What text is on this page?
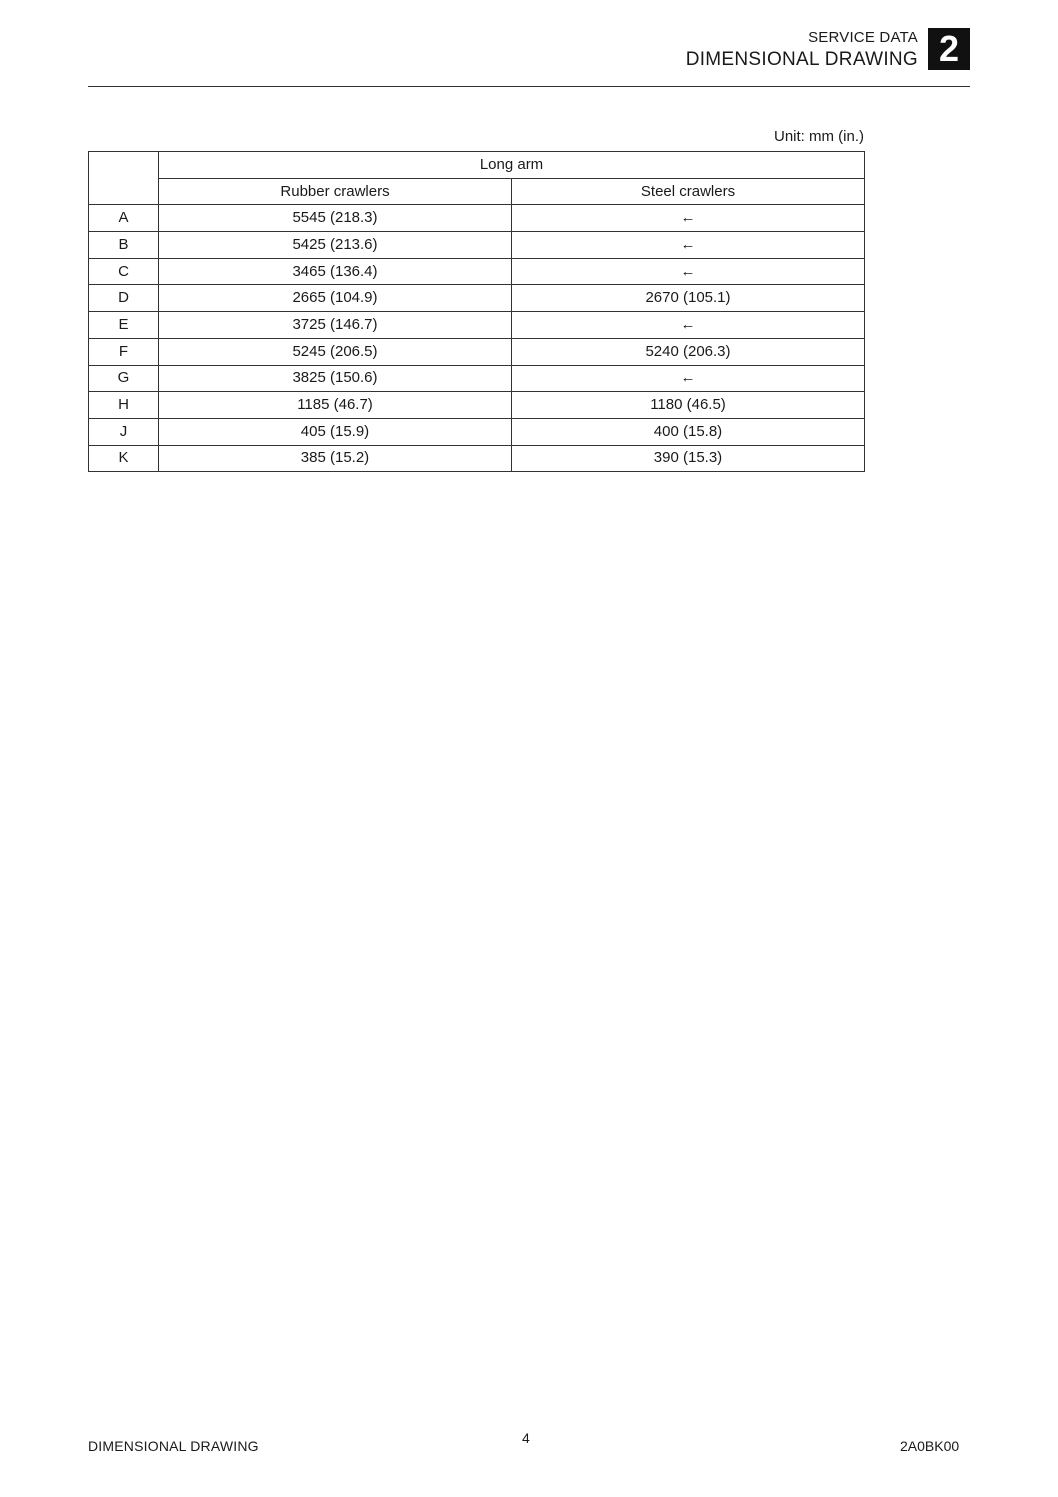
SERVICE DATA
DIMENSIONAL DRAWING 2
Unit: mm (in.)
	Long arm	
	Rubber crawlers	Steel crawlers
A	5545 (218.3)	←
B	5425 (213.6)	←
C	3465 (136.4)	←
D	2665 (104.9)	2670 (105.1)
E	3725 (146.7)	←
F	5245 (206.5)	5240 (206.3)
G	3825 (150.6)	←
H	1185 (46.7)	1180 (46.5)
J	405 (15.9)	400 (15.8)
K	385 (15.2)	390 (15.3)
DIMENSIONAL DRAWING	4	2A0BK00
